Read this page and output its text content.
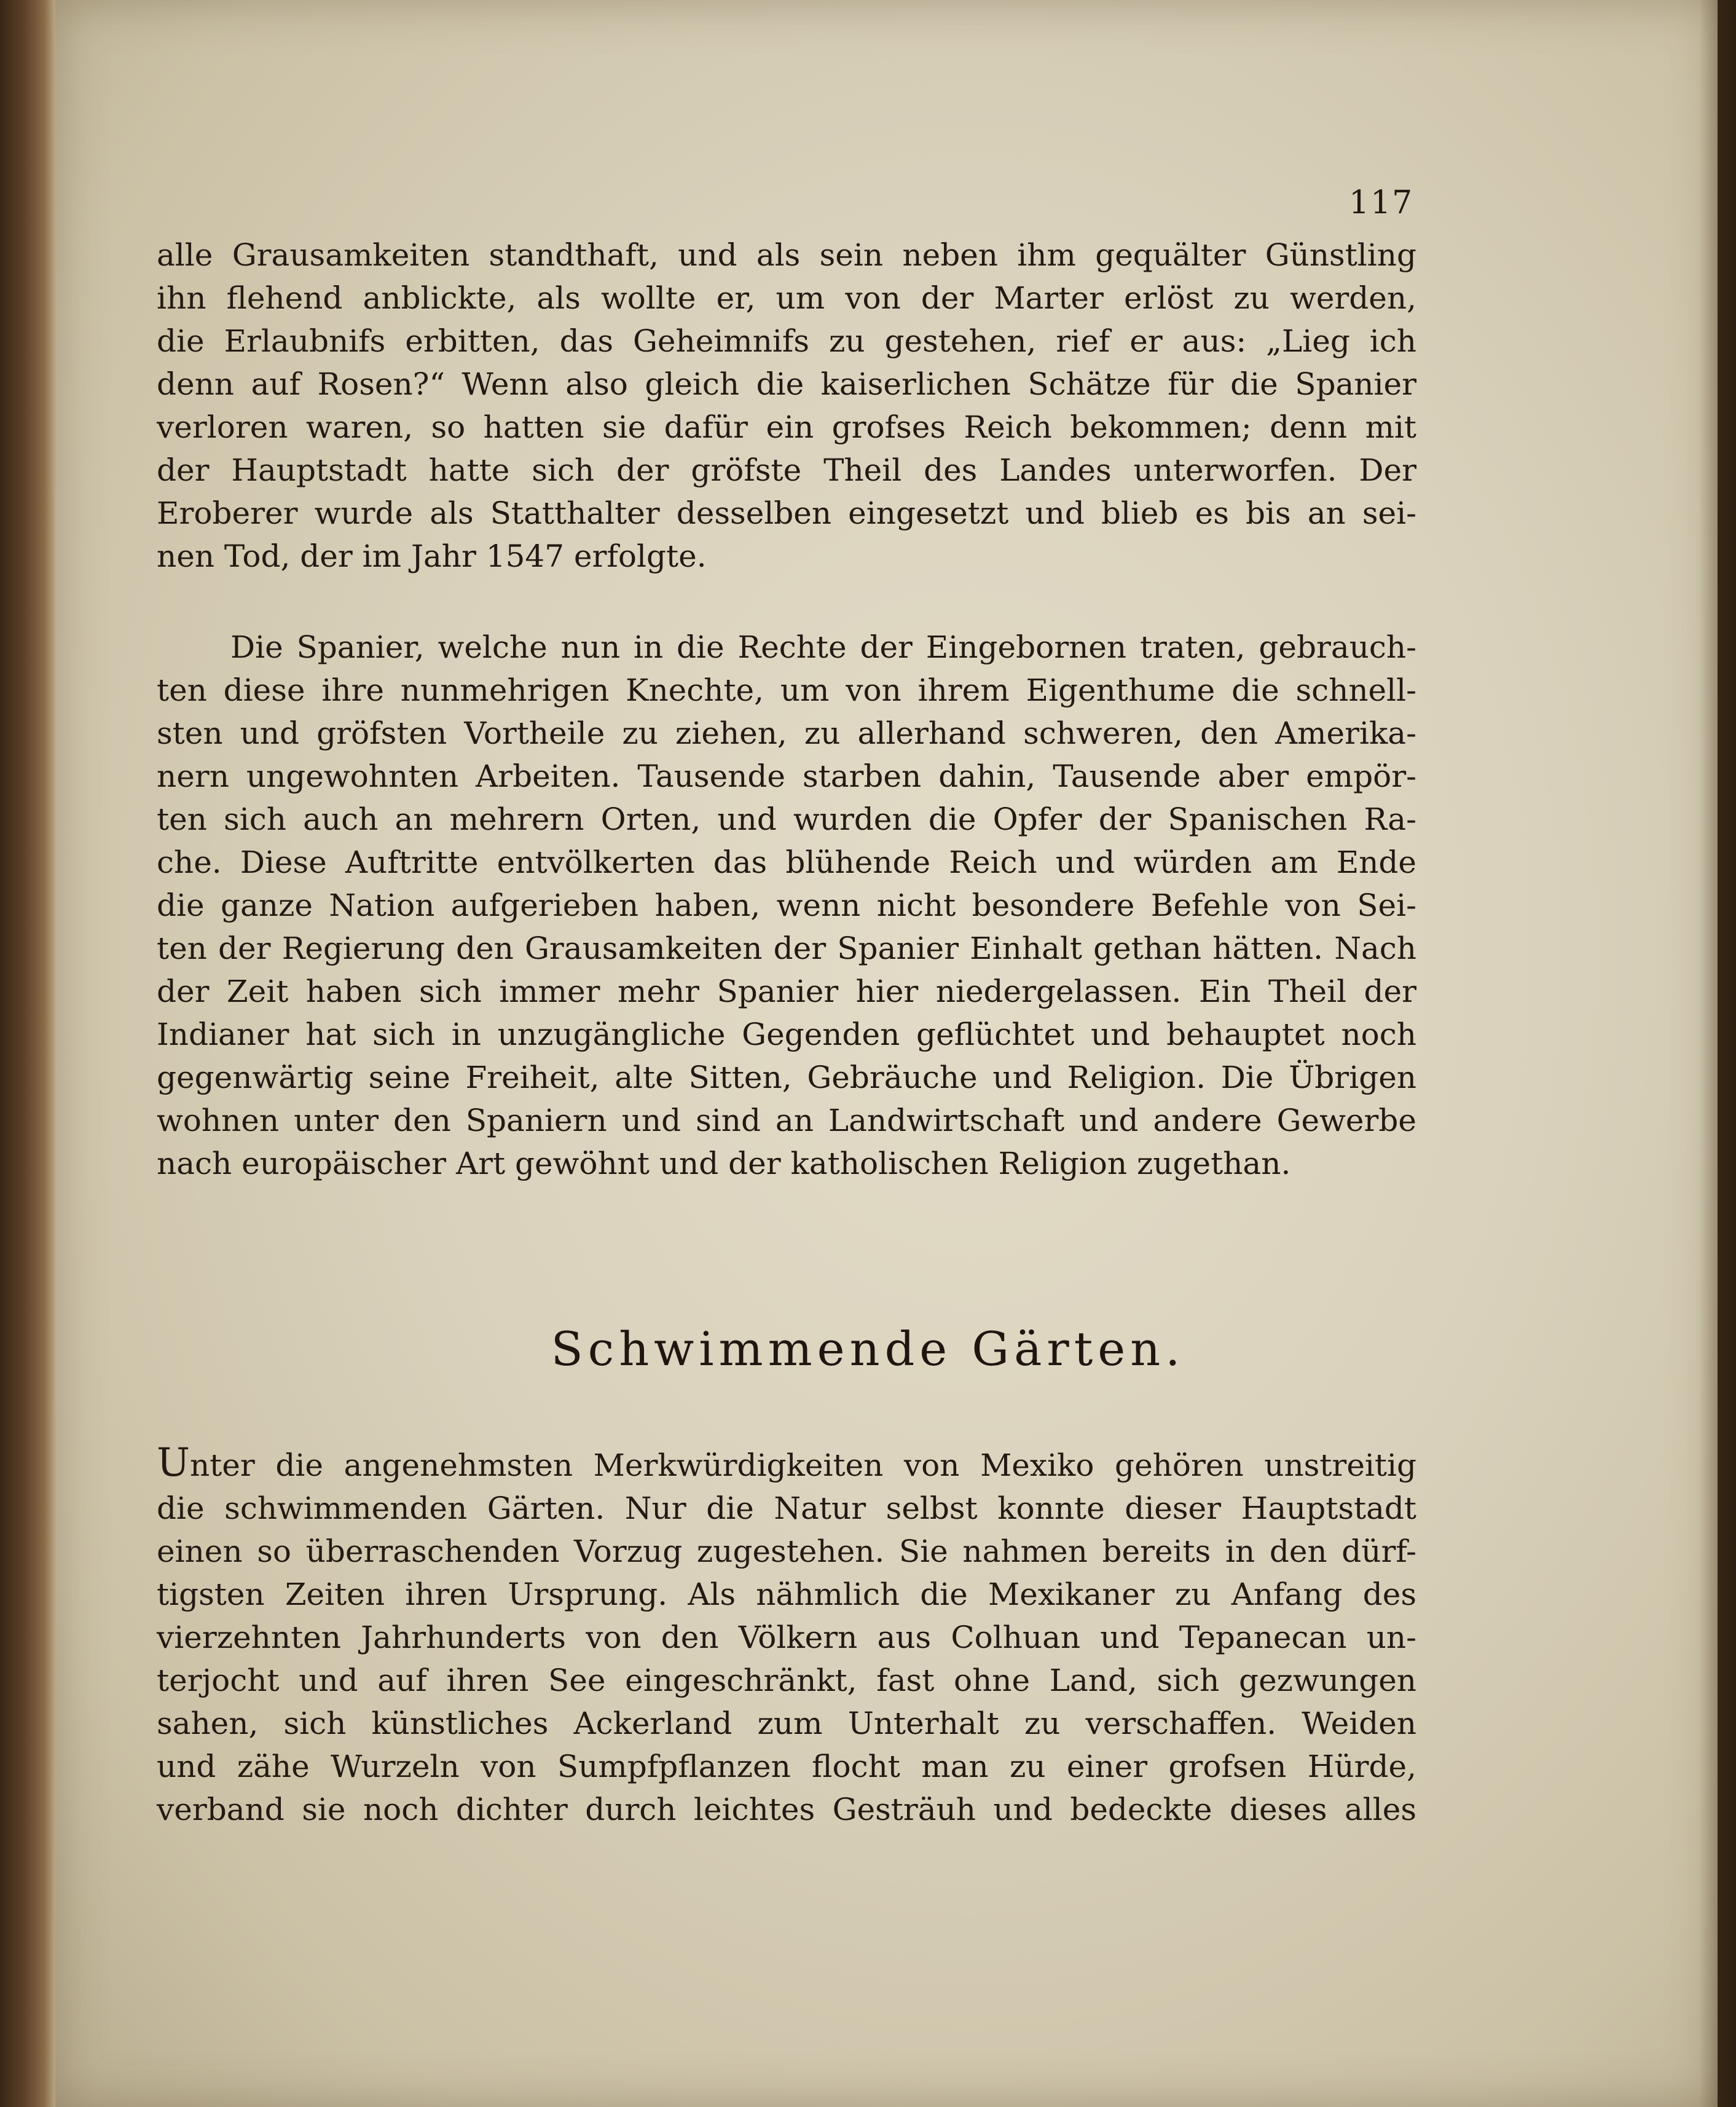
117
alle Grausamkeiten standthaft, und als sein neben ihm gequälter Günstling
ihn flehend anblickte, als wollte er, um von der Marter erlöst zu werden,
die Erlaubnifs erbitten, das Geheimnifs zu gestehen, rief er aus: „Lieg ich
denn auf Rosen?“ Wenn also gleich die kaiserlichen Schätze für die Spanier
verloren waren, so hatten sie dafür ein grofses Reich bekommen; denn mit
der Hauptstadt hatte sich der gröfste Theil des Landes unterworfen. Der
Eroberer wurde als Statthalter desselben eingesetzt und blieb es bis an sei-
nen Tod, der im Jahr 1547 erfolgte.
Die Spanier, welche nun in die Rechte der Eingebornen traten, gebrauch-
ten diese ihre nunmehrigen Knechte, um von ihrem Eigenthume die schnell-
sten und gröfsten Vortheile zu ziehen, zu allerhand schweren, den Amerika-
nern ungewohnten Arbeiten. Tausende starben dahin, Tausende aber empör-
ten sich auch an mehrern Orten, und wurden die Opfer der Spanischen Ra-
che. Diese Auftritte entvölkerten das blühende Reich und würden am Ende
die ganze Nation aufgerieben haben, wenn nicht besondere Befehle von Sei-
ten der Regierung den Grausamkeiten der Spanier Einhalt gethan hätten. Nach
der Zeit haben sich immer mehr Spanier hier niedergelassen. Ein Theil der
Indianer hat sich in unzugängliche Gegenden geflüchtet und behauptet noch
gegenwärtig seine Freiheit, alte Sitten, Gebräuche und Religion. Die Übrigen
wohnen unter den Spaniern und sind an Landwirtschaft und andere Gewerbe
nach europäischer Art gewöhnt und der katholischen Religion zugethan.
Schwimmende Gärten.
Unter die angenehmsten Merkwürdigkeiten von Mexiko gehören unstreitig
die schwimmenden Gärten. Nur die Natur selbst konnte dieser Hauptstadt
einen so überraschenden Vorzug zugestehen. Sie nahmen bereits in den dürf-
tigsten Zeiten ihren Ursprung. Als nähmlich die Mexikaner zu Anfang des
vierzehnten Jahrhunderts von den Völkern aus Colhuan und Tepanecan un-
terjocht und auf ihren See eingeschränkt, fast ohne Land, sich gezwungen
sahen, sich künstliches Ackerland zum Unterhalt zu verschaffen. Weiden
und zähe Wurzeln von Sumpfpflanzen flocht man zu einer grofsen Hürde,
verband sie noch dichter durch leichtes Gesträuh und bedeckte dieses alles
